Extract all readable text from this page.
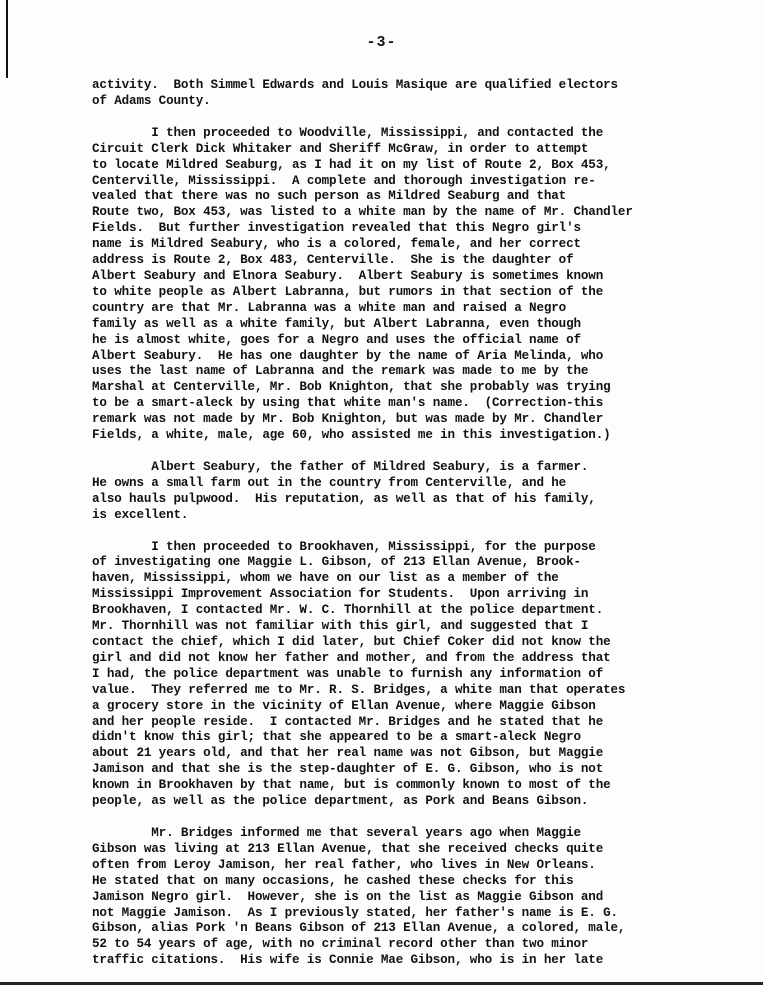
-3-
activity.  Both Simmel Edwards and Louis Masique are qualified electors
of Adams County.
I then proceeded to Woodville, Mississippi, and contacted the
Circuit Clerk Dick Whitaker and Sheriff McGraw, in order to attempt
to locate Mildred Seaburg, as I had it on my list of Route 2, Box 453,
Centerville, Mississippi.  A complete and thorough investigation re-
vealed that there was no such person as Mildred Seaburg and that
Route two, Box 453, was listed to a white man by the name of Mr. Chandler
Fields.  But further investigation revealed that this Negro girl's
name is Mildred Seabury, who is a colored, female, and her correct
address is Route 2, Box 483, Centerville.  She is the daughter of
Albert Seabury and Elnora Seabury.  Albert Seabury is sometimes known
to white people as Albert Labranna, but rumors in that section of the
country are that Mr. Labranna was a white man and raised a Negro
family as well as a white family, but Albert Labranna, even though
he is almost white, goes for a Negro and uses the official name of
Albert Seabury.  He has one daughter by the name of Aria Melinda, who
uses the last name of Labranna and the remark was made to me by the
Marshal at Centerville, Mr. Bob Knighton, that she probably was trying
to be a smart-aleck by using that white man's name.  (Correction-this
remark was not made by Mr. Bob Knighton, but was made by Mr. Chandler
Fields, a white, male, age 60, who assisted me in this investigation.)
Albert Seabury, the father of Mildred Seabury, is a farmer.
He owns a small farm out in the country from Centerville, and he
also hauls pulpwood.  His reputation, as well as that of his family,
is excellent.
I then proceeded to Brookhaven, Mississippi, for the purpose
of investigating one Maggie L. Gibson, of 213 Ellan Avenue, Brook-
haven, Mississippi, whom we have on our list as a member of the
Mississippi Improvement Association for Students.  Upon arriving in
Brookhaven, I contacted Mr. W. C. Thornhill at the police department.
Mr. Thornhill was not familiar with this girl, and suggested that I
contact the chief, which I did later, but Chief Coker did not know the
girl and did not know her father and mother, and from the address that
I had, the police department was unable to furnish any information of
value.  They referred me to Mr. R. S. Bridges, a white man that operates
a grocery store in the vicinity of Ellan Avenue, where Maggie Gibson
and her people reside.  I contacted Mr. Bridges and he stated that he
didn't know this girl; that she appeared to be a smart-aleck Negro
about 21 years old, and that her real name was not Gibson, but Maggie
Jamison and that she is the step-daughter of E. G. Gibson, who is not
known in Brookhaven by that name, but is commonly known to most of the
people, as well as the police department, as Pork and Beans Gibson.
Mr. Bridges informed me that several years ago when Maggie
Gibson was living at 213 Ellan Avenue, that she received checks quite
often from Leroy Jamison, her real father, who lives in New Orleans.
He stated that on many occasions, he cashed these checks for this
Jamison Negro girl.  However, she is on the list as Maggie Gibson and
not Maggie Jamison.  As I previously stated, her father's name is E. G.
Gibson, alias Pork 'n Beans Gibson of 213 Ellan Avenue, a colored, male,
52 to 54 years of age, with no criminal record other than two minor
traffic citations.  His wife is Connie Mae Gibson, who is in her late
